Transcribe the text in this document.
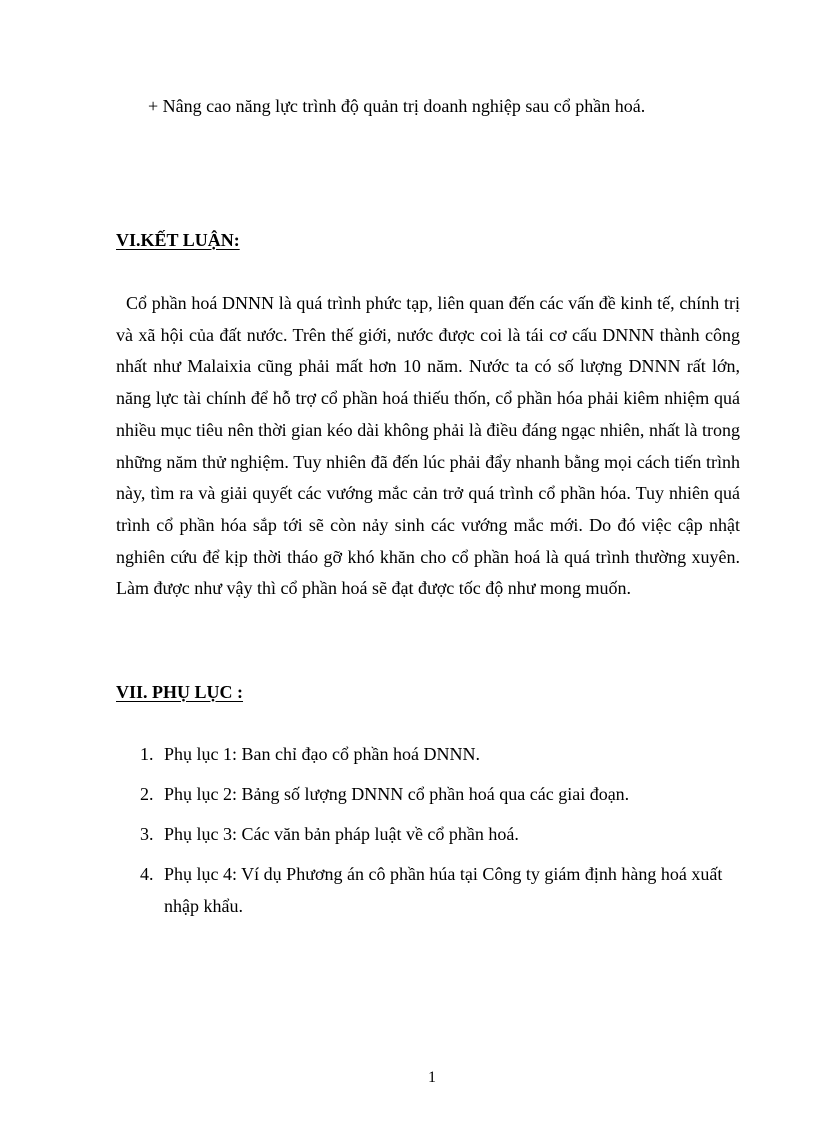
+ Nâng cao năng lực trình độ quản trị doanh nghiệp sau cổ phần hoá.
VI.KẾT LUẬN:

Cổ phần hoá DNNN là quá trình phức tạp, liên quan đến các vấn đề kinh tế, chính trị và xã hội của đất nước. Trên thế giới, nước được coi là tái cơ cấu DNNN thành công nhất như Malaixia cũng phải mất hơn 10 năm. Nước ta có số lượng DNNN rất lớn, năng lực tài chính để hỗ trợ cổ phần hoá thiếu thốn, cổ phần hóa phải kiêm nhiệm quá nhiều mục tiêu nên thời gian kéo dài không phải là điều đáng ngạc nhiên, nhất là trong những năm thử nghiệm. Tuy nhiên đã đến lúc phải đẩy nhanh bằng mọi cách tiến trình này, tìm ra và giải quyết các vướng mắc cản trở quá trình cổ phần hóa. Tuy nhiên quá trình cổ phần hóa sắp tới sẽ còn nảy sinh các vướng mắc mới. Do đó việc cập nhật nghiên cứu để kịp thời tháo gỡ khó khăn cho cổ phần hoá là quá trình thường xuyên. Làm được như vậy thì cổ phần hoá sẽ đạt được tốc độ như mong muốn.

VII. PHỤ LỤC :
1. Phụ lục 1: Ban chỉ đạo cổ phần hoá DNNN.
2. Phụ lục 2: Bảng số lượng DNNN cổ phần hoá qua các giai đoạn.
3. Phụ lục 3: Các văn bản pháp luật về cổ phần hoá.
4. Phụ lục 4: Ví dụ Phương án cô phần húa tại Công ty giám định hàng hoá xuất nhập khẩu.
1
